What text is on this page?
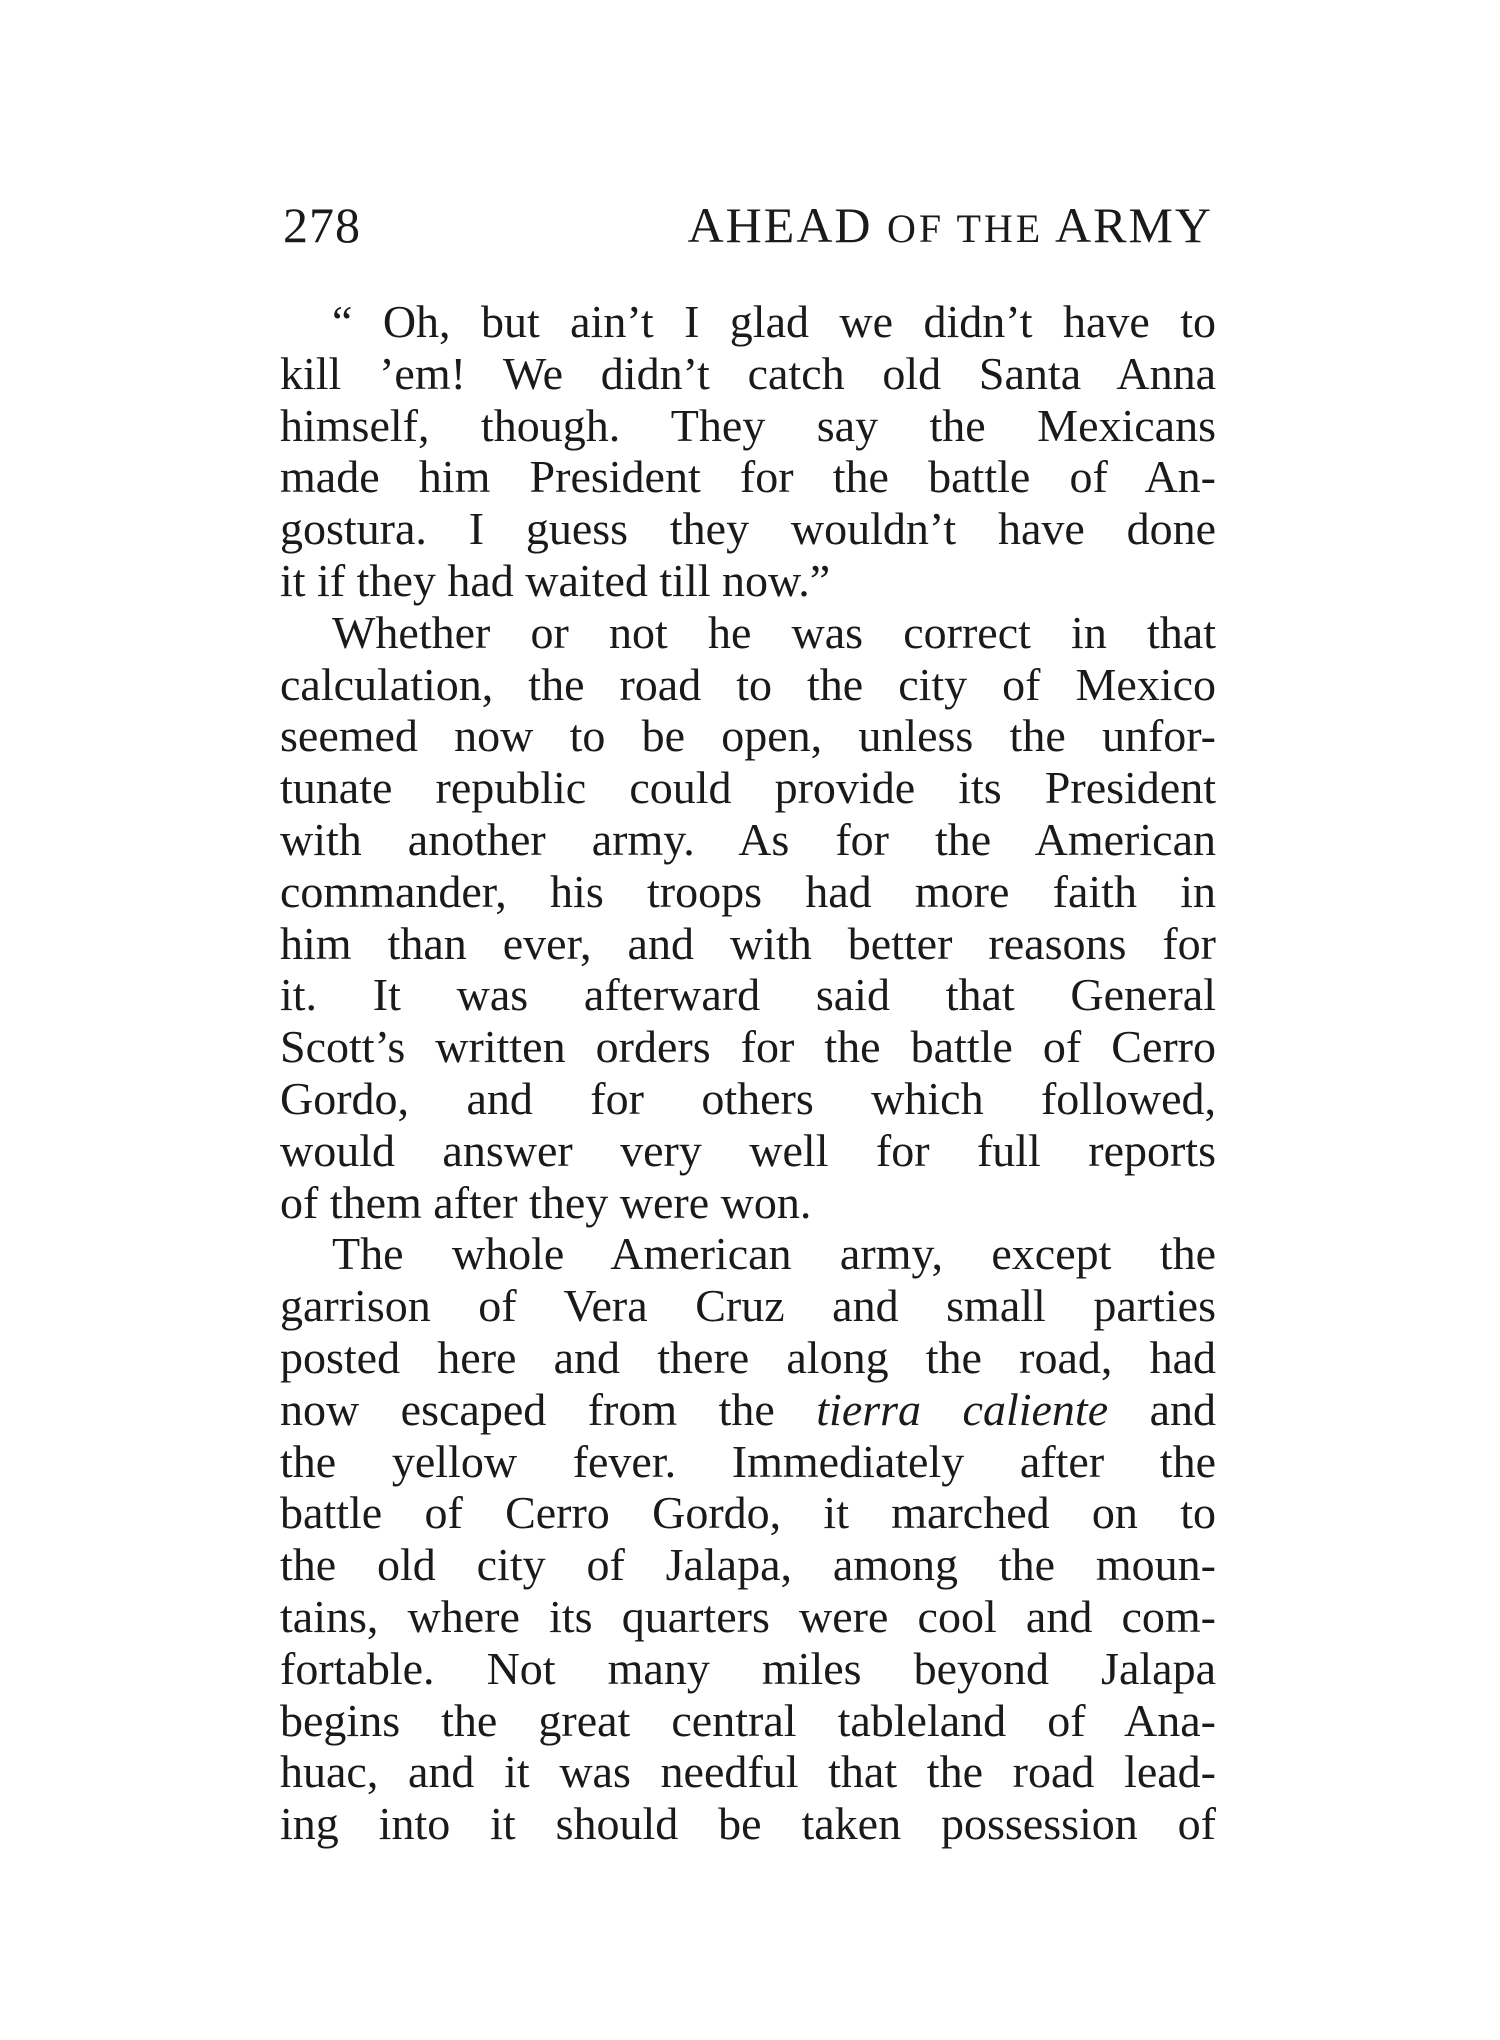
278	AHEAD OF THE ARMY
“ Oh, but ain’t I glad we didn’t have to
kill ’em! We didn’t catch old Santa Anna
himself, though. They say the Mexicans
made him President for the battle of An-
gostura. I guess they wouldn’t have done
it if they had waited till now.”
Whether or not he was correct in that
calculation, the road to the city of Mexico
seemed now to be open, unless the unfor-
tunate republic could provide its President
with another army. As for the American
commander, his troops had more faith in
him than ever, and with better reasons for
it. It was afterward said that General
Scott’s written orders for the battle of Cerro
Gordo, and for others which followed,
would answer very well for full reports
of them after they were won.
The whole American army, except the
garrison of Vera Cruz and small parties
posted here and there along the road, had
now escaped from the tierra caliente and
the yellow fever. Immediately after the
battle of Cerro Gordo, it marched on to
the old city of Jalapa, among the moun-
tains, where its quarters were cool and com-
fortable. Not many miles beyond Jalapa
begins the great central tableland of Ana-
huac, and it was needful that the road lead-
ing into it should be taken possession of
